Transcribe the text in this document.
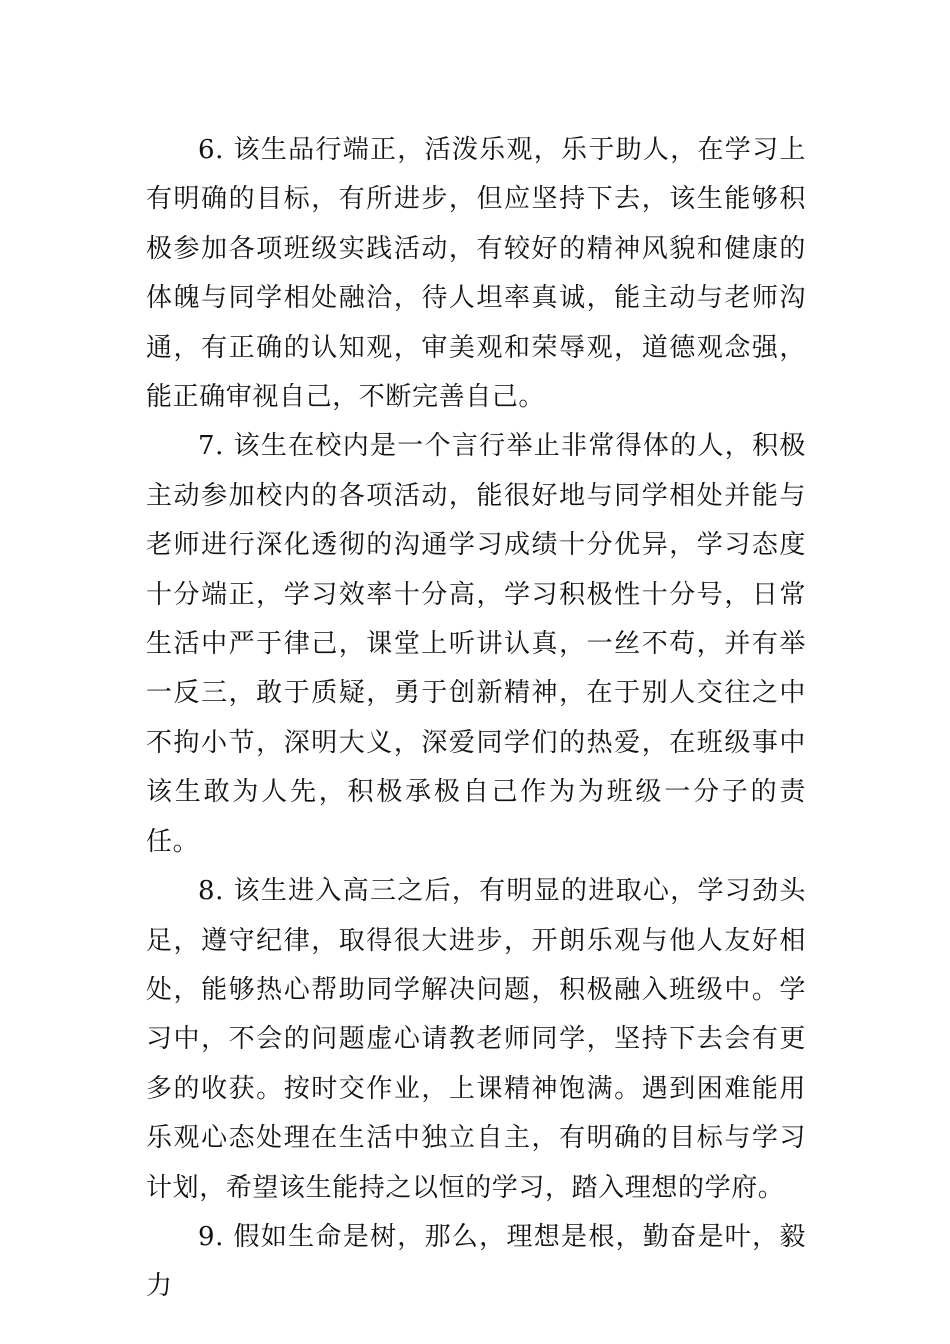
6. 该生品行端正，活泼乐观，乐于助人，在学习上有明确的目标，有所进步，但应坚持下去，该生能够积极参加各项班级实践活动，有较好的精神风貌和健康的体魄与同学相处融洽，待人坦率真诚，能主动与老师沟通，有正确的认知观，审美观和荣辱观，道德观念强，能正确审视自己，不断完善自己。

7. 该生在校内是一个言行举止非常得体的人，积极主动参加校内的各项活动，能很好地与同学相处并能与老师进行深化透彻的沟通学习成绩十分优异，学习态度十分端正，学习效率十分高，学习积极性十分号，日常生活中严于律己，课堂上听讲认真，一丝不苟，并有举一反三，敢于质疑，勇于创新精神，在于别人交往之中不拘小节，深明大义，深爱同学们的热爱，在班级事中该生敢为人先，积极承极自己作为为班级一分子的责任。

8. 该生进入高三之后，有明显的进取心，学习劲头足，遵守纪律，取得很大进步，开朗乐观与他人友好相处，能够热心帮助同学解决问题，积极融入班级中。学习中，不会的问题虚心请教老师同学，坚持下去会有更多的收获。按时交作业，上课精神饱满。遇到困难能用乐观心态处理在生活中独立自主，有明确的目标与学习计划，希望该生能持之以恒的学习，踏入理想的学府。

9. 假如生命是树，那么，理想是根，勤奋是叶，毅力
